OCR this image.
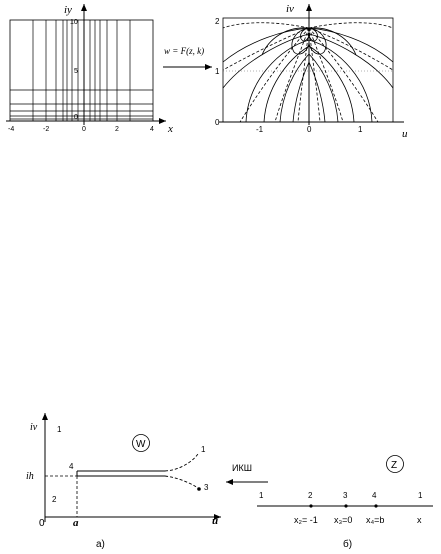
iy
x
10
5
0
-4	-2	0	2	4
w = F(z, k)
iv
u
2
1
0
-1	0	1
iv 1
u
ih
0	a
2
4
1
3
W
а)
ИКШ	Z
1	2	3	4	1
x₂= -1 x₃=0 x₄=b	x
б)
